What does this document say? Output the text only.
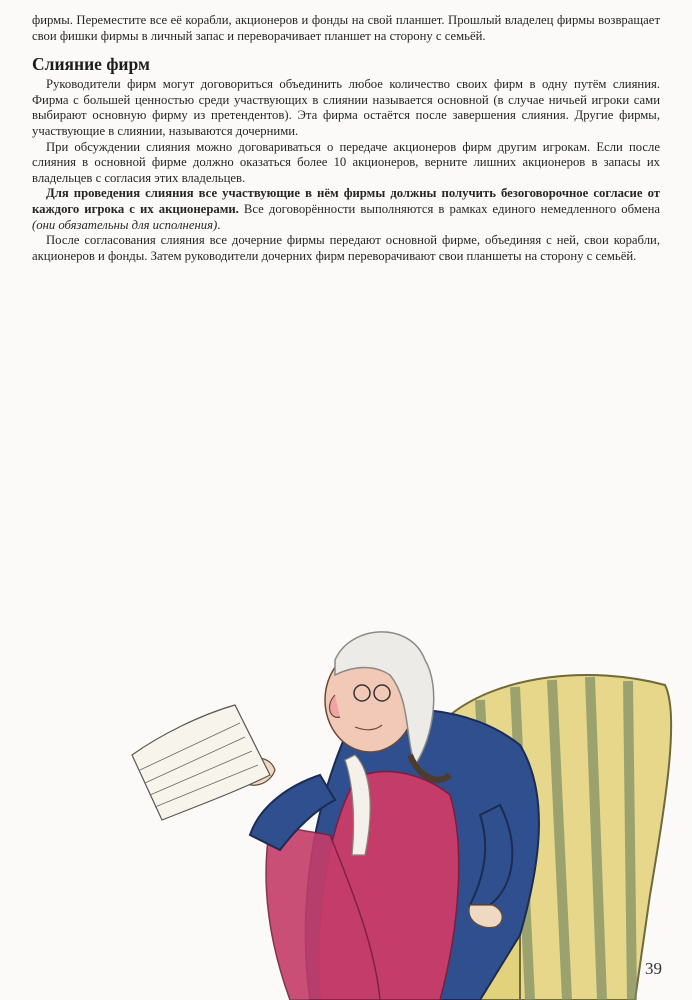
фирмы. Переместите все её корабли, акционеров и фонды на свой планшет. Прошлый владелец фирмы возвращает свои фишки фирмы в личный запас и переворачивает планшет на сторону с семьёй.

Слияние фирм

Руководители фирм могут договориться объединить любое количество своих фирм в одну путём слияния. Фирма с большей ценностью среди участвующих в слиянии называется основной (в случае ничьей игроки сами выбирают основную фирму из претендентов). Эта фирма остаётся после завершения слияния. Другие фирмы, участвующие в слиянии, называются дочерними.

При обсуждении слияния можно договариваться о передаче акционеров фирм другим игрокам. Если после слияния в основной фирме должно оказаться более 10 акционеров, верните лишних акционеров в запасы их владельцев с согласия этих владельцев.

Для проведения слияния все участвующие в нём фирмы должны получить безоговорочное согласие от каждого игрока с их акционерами. Все договорённости выполняются в рамках единого немедленного обмена (они обязательны для исполнения).

После согласования слияния все дочерние фирмы передают основной фирме, объединяя с ней, свои корабли, акционеров и фонды. Затем руководители дочерних фирм переворачивают свои планшеты на сторону с семьёй.

39
